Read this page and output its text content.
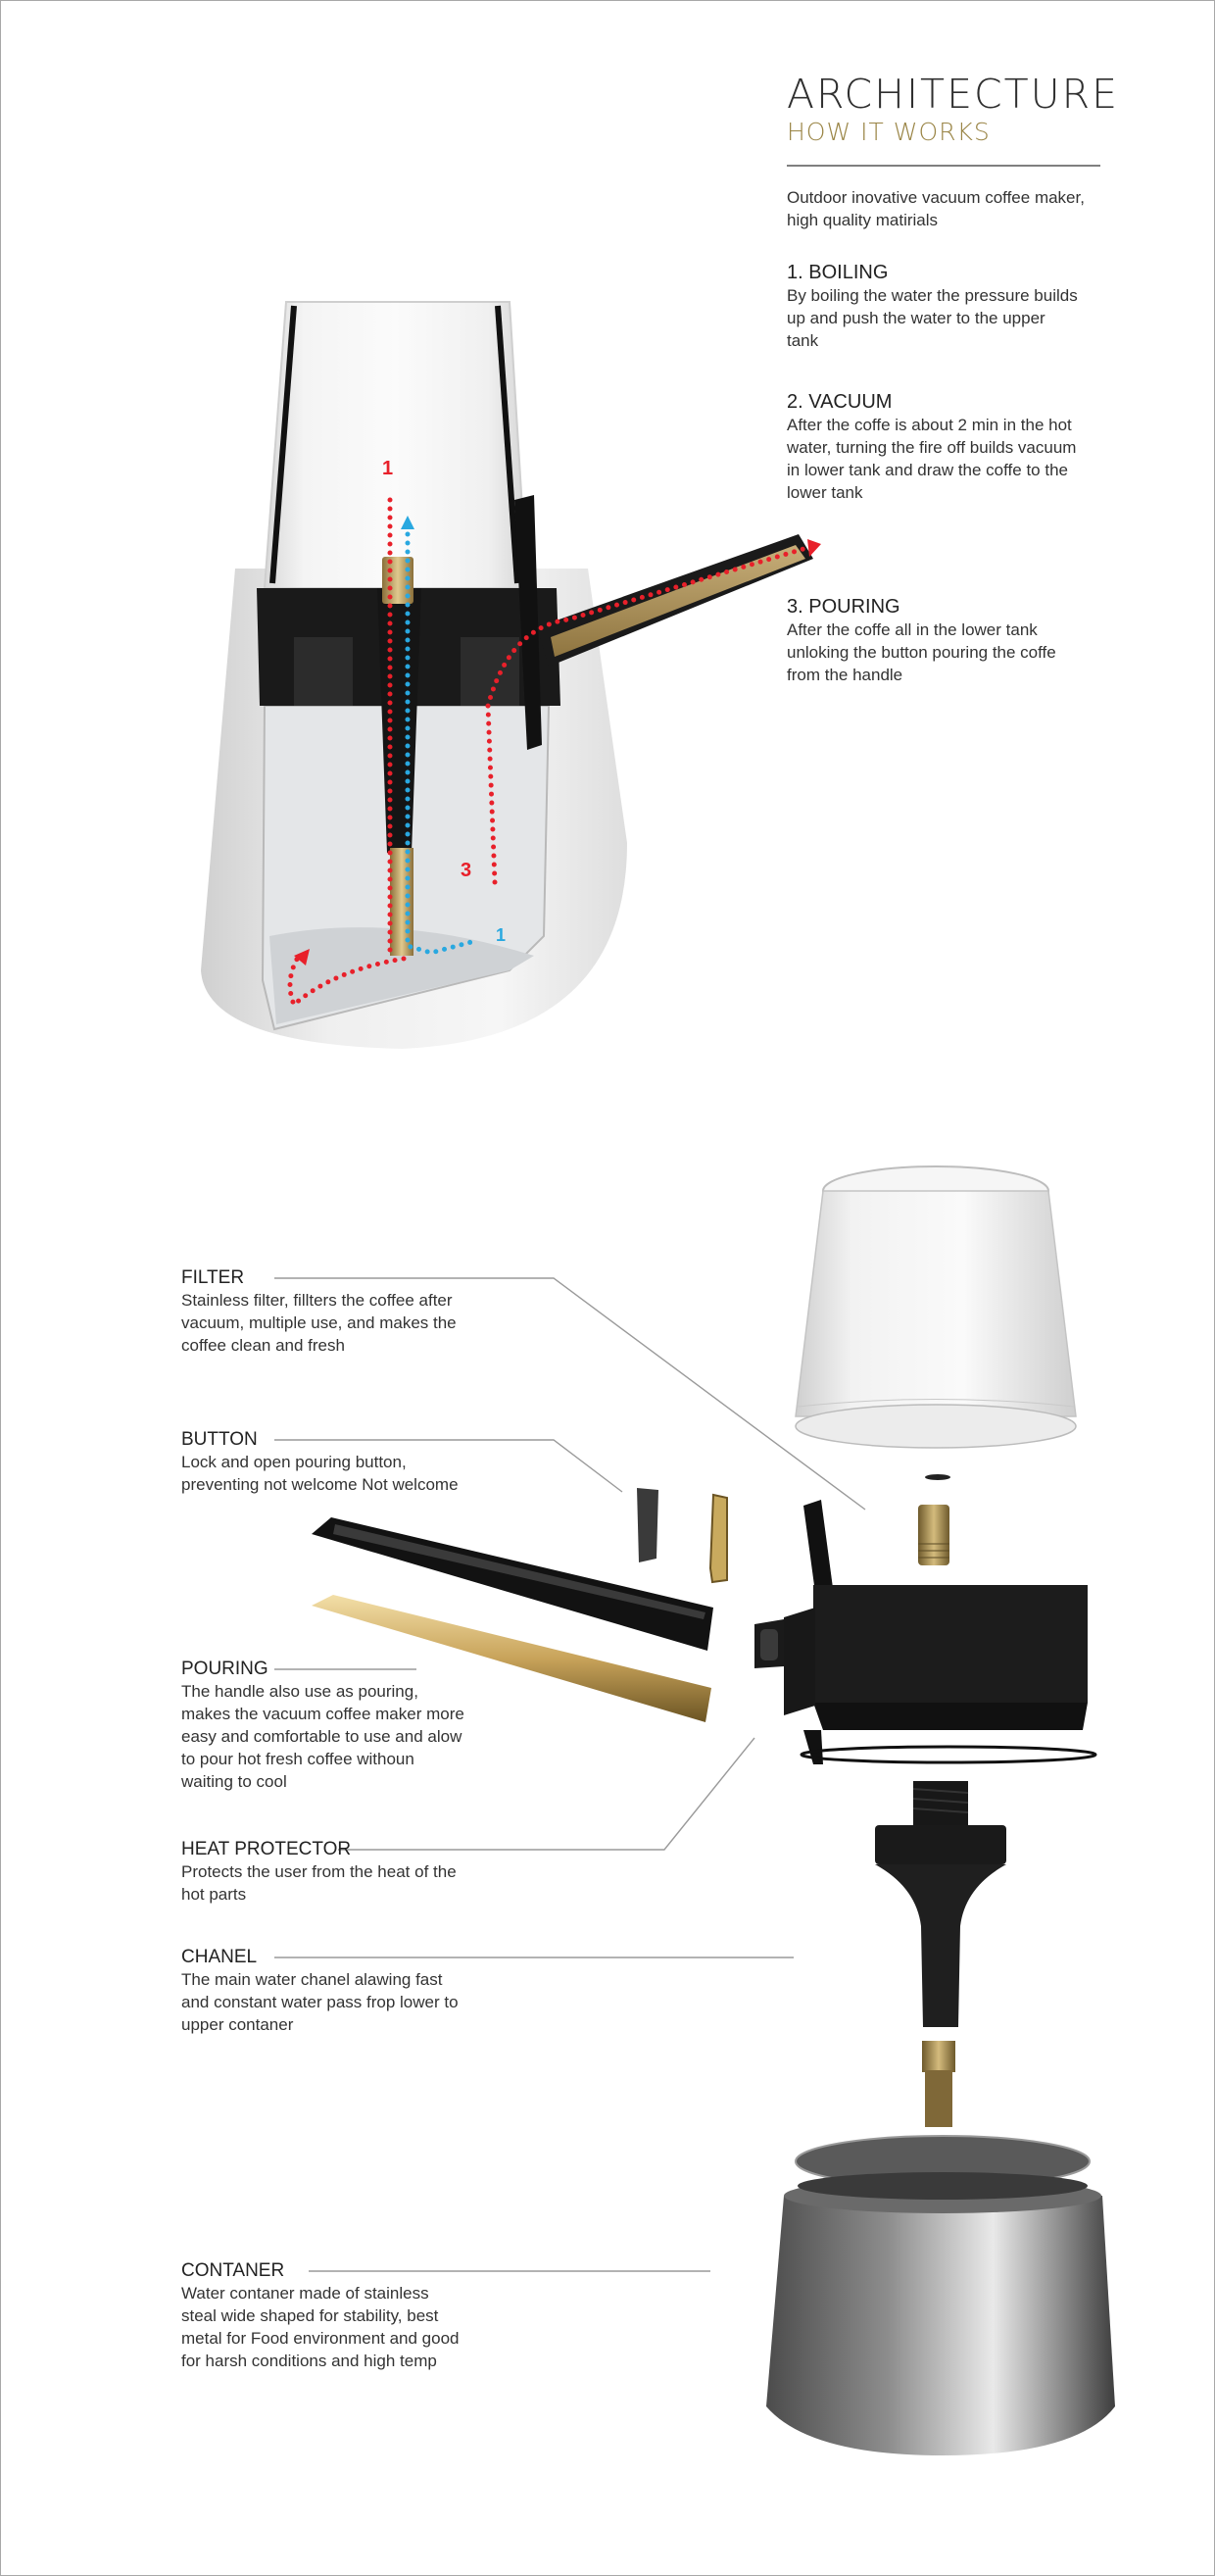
ARCHITECTURE
HOW IT WORKS
Outdoor inovative vacuum coffee maker, high quality matirials
1. BOILING

By boiling the water the pressure builds up and push the water to the upper tank

2. VACUUM

After the coffe is about 2 min in the hot water, turning the fire off builds vacuum in lower tank and draw the coffe to the lower tank

3. POURING

After the coffe all in the lower tank unloking the button pouring the coffe from the handle

1
3
1
FILTER

Stainless filter, fillters the coffee after vacuum, multiple use, and makes the coffee clean and fresh

BUTTON

Lock and open pouring button, preventing not welcome Not welcome

POURING

The handle also use as pouring, makes the vacuum coffee maker more easy and comfortable to use and alow to pour hot fresh coffee withoun waiting to cool

HEAT PROTECTOR

Protects the user from the heat of the hot parts

CHANEL

The main water chanel alawing fast and constant water pass frop lower to upper contaner

CONTANER

Water contaner made of stainless steal wide shaped for stability, best metal for Food environment and good for harsh conditions and high temp
